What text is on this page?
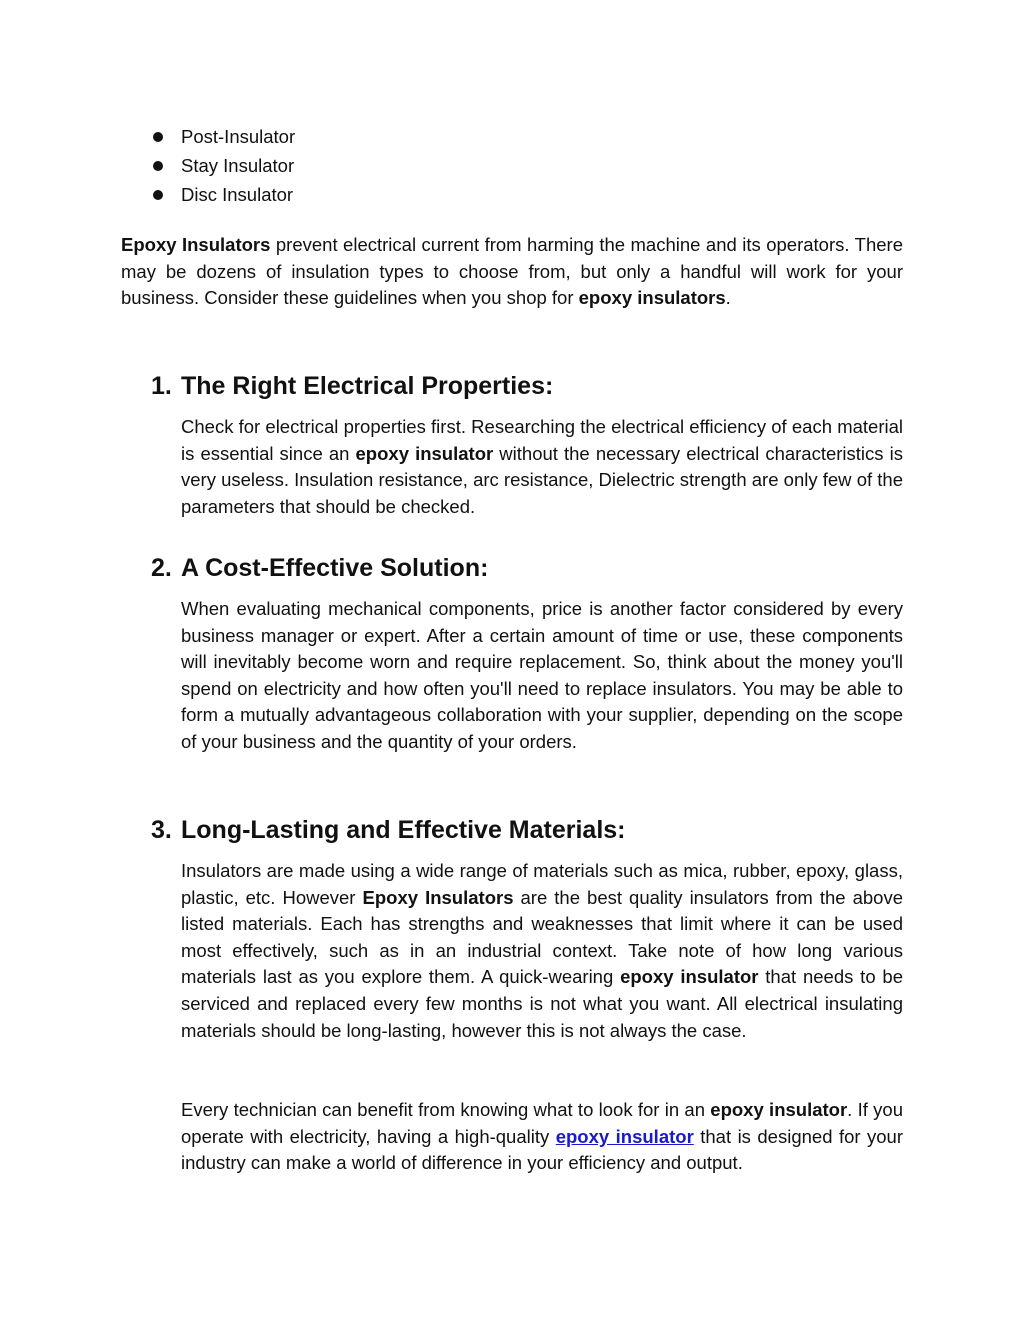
Post-Insulator
Stay Insulator
Disc Insulator

Epoxy Insulators prevent electrical current from harming the machine and its operators. There may be dozens of insulation types to choose from, but only a handful will work for your business. Consider these guidelines when you shop for epoxy insulators.

1. The Right Electrical Properties:

Check for electrical properties first. Researching the electrical efficiency of each material is essential since an epoxy insulator without the necessary electrical characteristics is very useless. Insulation resistance, arc resistance, Dielectric strength are only few of the parameters that should be checked.

2. A Cost-Effective Solution:

When evaluating mechanical components, price is another factor considered by every business manager or expert. After a certain amount of time or use, these components will inevitably become worn and require replacement. So, think about the money you'll spend on electricity and how often you'll need to replace insulators. You may be able to form a mutually advantageous collaboration with your supplier, depending on the scope of your business and the quantity of your orders.

3. Long-Lasting and Effective Materials:

Insulators are made using a wide range of materials such as mica, rubber, epoxy, glass, plastic, etc. However Epoxy Insulators are the best quality insulators from the above listed materials. Each has strengths and weaknesses that limit where it can be used most effectively, such as in an industrial context. Take note of how long various materials last as you explore them. A quick-wearing epoxy insulator that needs to be serviced and replaced every few months is not what you want. All electrical insulating materials should be long-lasting, however this is not always the case.

Every technician can benefit from knowing what to look for in an epoxy insulator. If you operate with electricity, having a high-quality epoxy insulator that is designed for your industry can make a world of difference in your efficiency and output.
